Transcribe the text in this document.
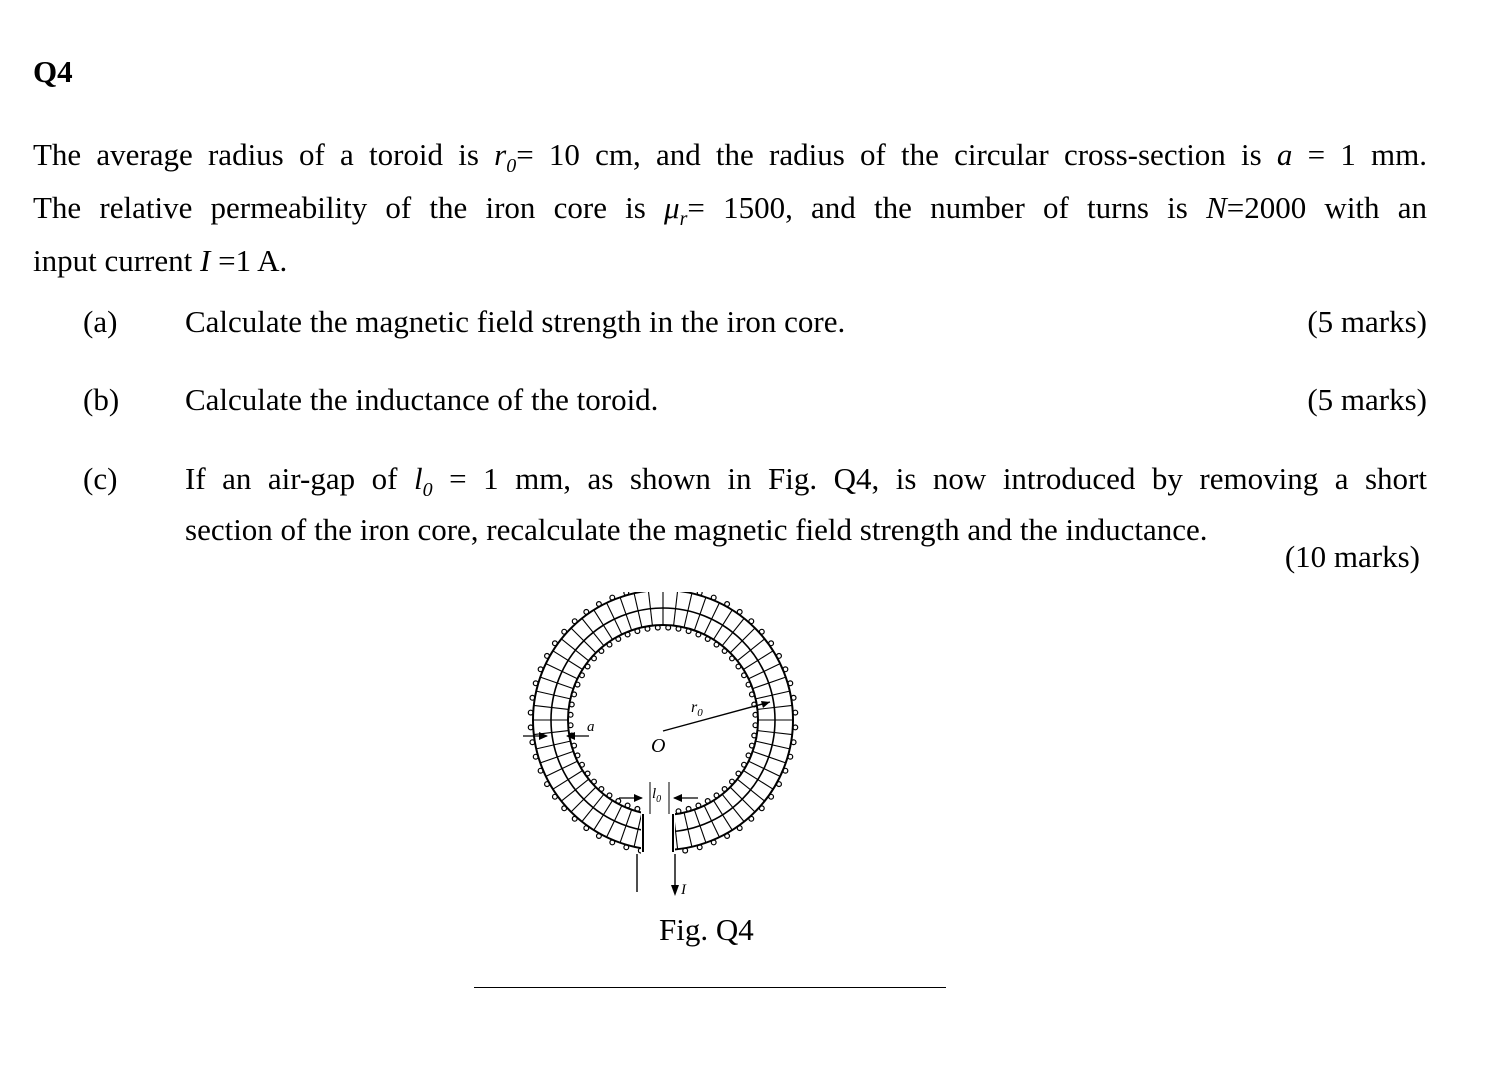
Q4
The average radius of a toroid is $r_0= 10$ cm, and the radius of the circular cross-section is a = 1 mm.
The relative permeability of the iron core is $\mu_r= 1500$, and the number of turns is N=2000 with an
input current I =1 A.
(a) Calculate the magnetic field strength in the iron core.	(5 marks)
(b) Calculate the inductance of the toroid.	(5 marks)
(c) If an air-gap of $l_0 = 1$ mm, as shown in Fig. Q4, is now introduced by removing a short
section of the iron core, recalculate the magnetic field strength and the inductance.
(10 marks)
$r_0$
O
a
$l_0$
I
Fig. Q4
